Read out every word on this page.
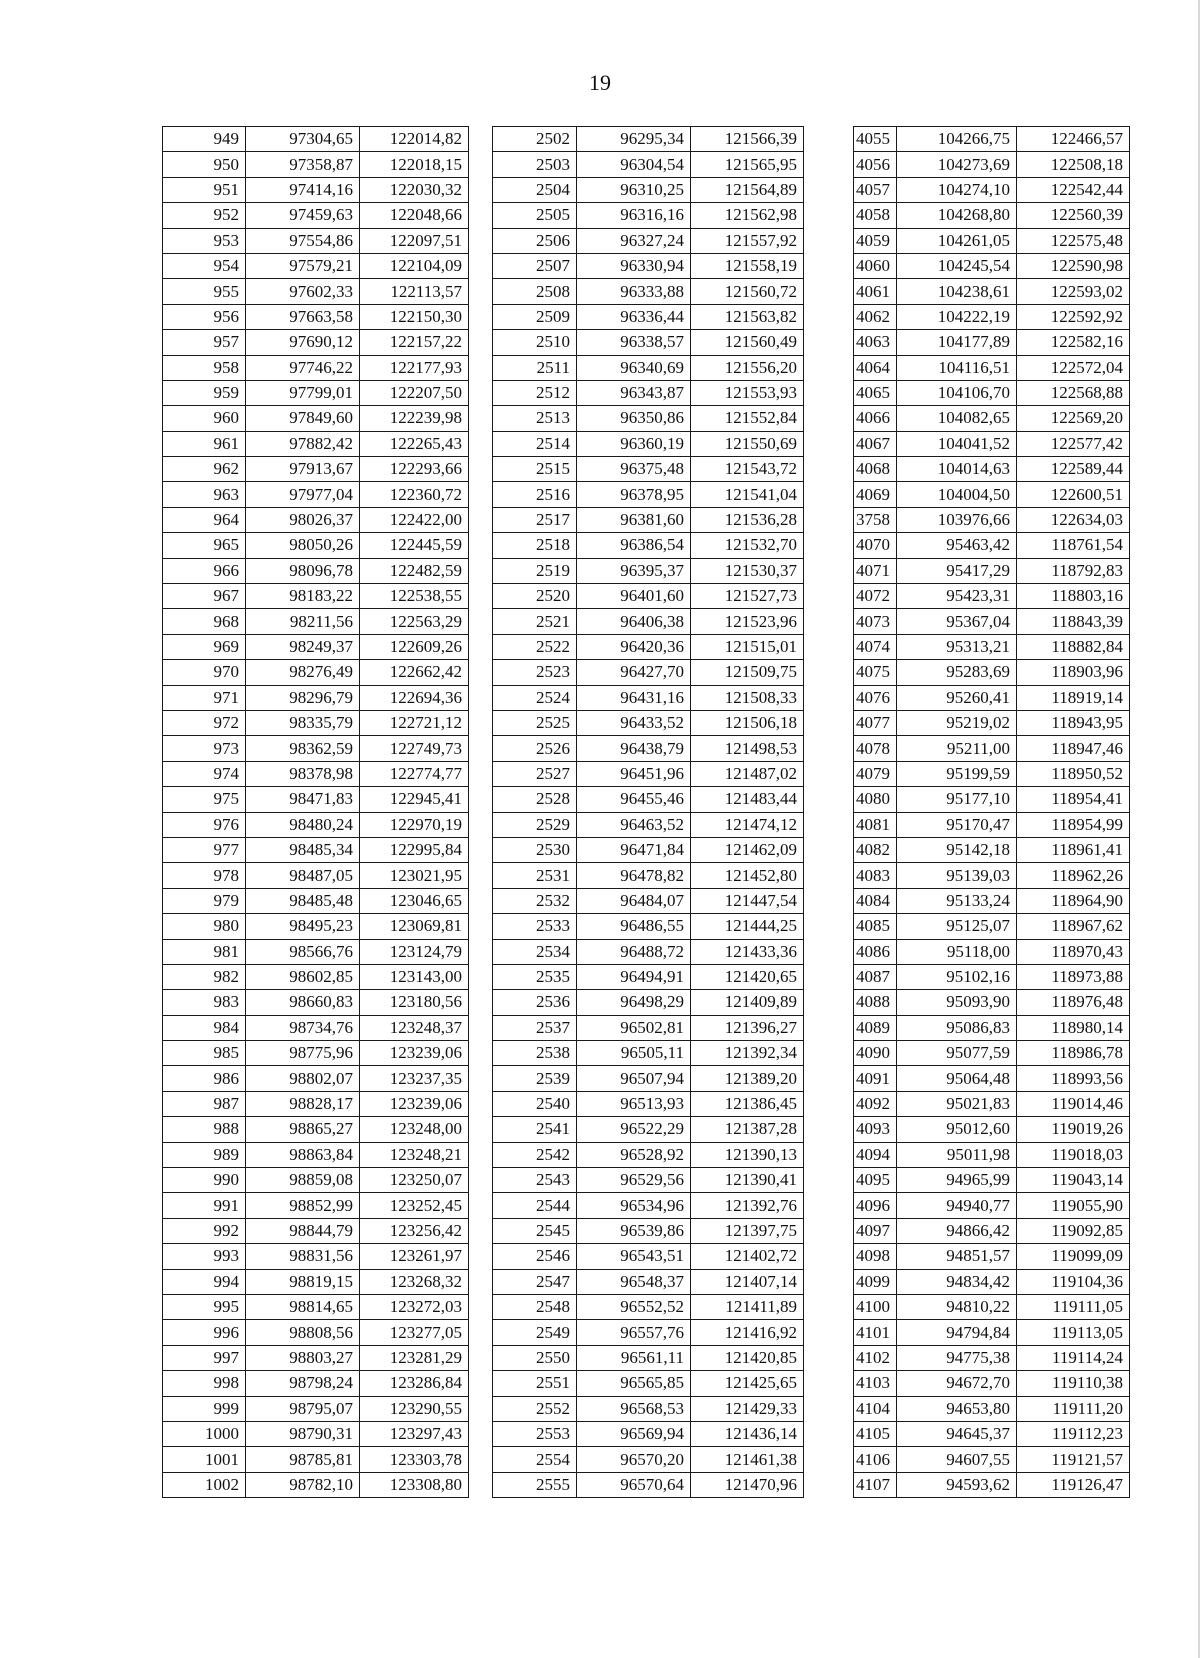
19
949	97304,65	122014,82
950	97358,87	122018,15
951	97414,16	122030,32
952	97459,63	122048,66
953	97554,86	122097,51
954	97579,21	122104,09
955	97602,33	122113,57
956	97663,58	122150,30
957	97690,12	122157,22
958	97746,22	122177,93
959	97799,01	122207,50
960	97849,60	122239,98
961	97882,42	122265,43
962	97913,67	122293,66
963	97977,04	122360,72
964	98026,37	122422,00
965	98050,26	122445,59
966	98096,78	122482,59
967	98183,22	122538,55
968	98211,56	122563,29
969	98249,37	122609,26
970	98276,49	122662,42
971	98296,79	122694,36
972	98335,79	122721,12
973	98362,59	122749,73
974	98378,98	122774,77
975	98471,83	122945,41
976	98480,24	122970,19
977	98485,34	122995,84
978	98487,05	123021,95
979	98485,48	123046,65
980	98495,23	123069,81
981	98566,76	123124,79
982	98602,85	123143,00
983	98660,83	123180,56
984	98734,76	123248,37
985	98775,96	123239,06
986	98802,07	123237,35
987	98828,17	123239,06
988	98865,27	123248,00
989	98863,84	123248,21
990	98859,08	123250,07
991	98852,99	123252,45
992	98844,79	123256,42
993	98831,56	123261,97
994	98819,15	123268,32
995	98814,65	123272,03
996	98808,56	123277,05
997	98803,27	123281,29
998	98798,24	123286,84
999	98795,07	123290,55
1000	98790,31	123297,43
1001	98785,81	123303,78
1002	98782,10	123308,80
2502	96295,34	121566,39
2503	96304,54	121565,95
2504	96310,25	121564,89
2505	96316,16	121562,98
2506	96327,24	121557,92
2507	96330,94	121558,19
2508	96333,88	121560,72
2509	96336,44	121563,82
2510	96338,57	121560,49
2511	96340,69	121556,20
2512	96343,87	121553,93
2513	96350,86	121552,84
2514	96360,19	121550,69
2515	96375,48	121543,72
2516	96378,95	121541,04
2517	96381,60	121536,28
2518	96386,54	121532,70
2519	96395,37	121530,37
2520	96401,60	121527,73
2521	96406,38	121523,96
2522	96420,36	121515,01
2523	96427,70	121509,75
2524	96431,16	121508,33
2525	96433,52	121506,18
2526	96438,79	121498,53
2527	96451,96	121487,02
2528	96455,46	121483,44
2529	96463,52	121474,12
2530	96471,84	121462,09
2531	96478,82	121452,80
2532	96484,07	121447,54
2533	96486,55	121444,25
2534	96488,72	121433,36
2535	96494,91	121420,65
2536	96498,29	121409,89
2537	96502,81	121396,27
2538	96505,11	121392,34
2539	96507,94	121389,20
2540	96513,93	121386,45
2541	96522,29	121387,28
2542	96528,92	121390,13
2543	96529,56	121390,41
2544	96534,96	121392,76
2545	96539,86	121397,75
2546	96543,51	121402,72
2547	96548,37	121407,14
2548	96552,52	121411,89
2549	96557,76	121416,92
2550	96561,11	121420,85
2551	96565,85	121425,65
2552	96568,53	121429,33
2553	96569,94	121436,14
2554	96570,20	121461,38
2555	96570,64	121470,96
4055	104266,75	122466,57
4056	104273,69	122508,18
4057	104274,10	122542,44
4058	104268,80	122560,39
4059	104261,05	122575,48
4060	104245,54	122590,98
4061	104238,61	122593,02
4062	104222,19	122592,92
4063	104177,89	122582,16
4064	104116,51	122572,04
4065	104106,70	122568,88
4066	104082,65	122569,20
4067	104041,52	122577,42
4068	104014,63	122589,44
4069	104004,50	122600,51
3758	103976,66	122634,03
4070	95463,42	118761,54
4071	95417,29	118792,83
4072	95423,31	118803,16
4073	95367,04	118843,39
4074	95313,21	118882,84
4075	95283,69	118903,96
4076	95260,41	118919,14
4077	95219,02	118943,95
4078	95211,00	118947,46
4079	95199,59	118950,52
4080	95177,10	118954,41
4081	95170,47	118954,99
4082	95142,18	118961,41
4083	95139,03	118962,26
4084	95133,24	118964,90
4085	95125,07	118967,62
4086	95118,00	118970,43
4087	95102,16	118973,88
4088	95093,90	118976,48
4089	95086,83	118980,14
4090	95077,59	118986,78
4091	95064,48	118993,56
4092	95021,83	119014,46
4093	95012,60	119019,26
4094	95011,98	119018,03
4095	94965,99	119043,14
4096	94940,77	119055,90
4097	94866,42	119092,85
4098	94851,57	119099,09
4099	94834,42	119104,36
4100	94810,22	119111,05
4101	94794,84	119113,05
4102	94775,38	119114,24
4103	94672,70	119110,38
4104	94653,80	119111,20
4105	94645,37	119112,23
4106	94607,55	119121,57
4107	94593,62	119126,47
